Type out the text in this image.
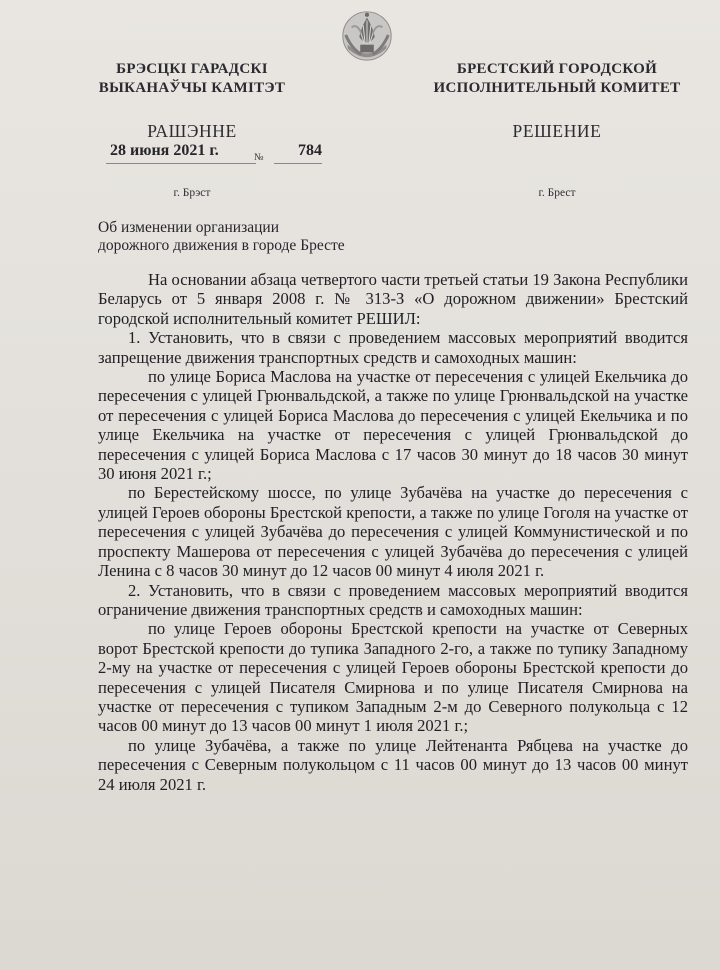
БРЭСЦКІ ГАРАДСКІ
ВЫКАНАЎЧЫ КАМІТЭТ
РАШЭННЕ
г. Брэст
БРЕСТСКИЙ ГОРОДСКОЙ
ИСПОЛНИТЕЛЬНЫЙ КОМИТЕТ
РЕШЕНИЕ
г. Брест
28 июня 2021 г.	№	784
Об изменении организации
дорожного движения в городе Бресте

На основании абзаца четвертого части третьей статьи 19 Закона Республики Беларусь от 5 января 2008 г. № 313-З «О дорожном движении» Брестский городской исполнительный комитет РЕШИЛ:

1. Установить, что в связи с проведением массовых мероприятий вводится запрещение движения транспортных средств и самоходных машин:

по улице Бориса Маслова на участке от пересечения с улицей Екельчика до пересечения с улицей Грюнвальдской, а также по улице Грюнвальдской на участке от пересечения с улицей Бориса Маслова до пересечения с улицей Екельчика и по улице Екельчика на участке от пересечения с улицей Грюнвальдской до пересечения с улицей Бориса Маслова с 17 часов 30 минут до 18 часов 30 минут 30 июня 2021 г.;

по Берестейскому шоссе, по улице Зубачёва на участке до пересечения с улицей Героев обороны Брестской крепости, а также по улице Гоголя на участке от пересечения с улицей Зубачёва до пересечения с улицей Коммунистической и по проспекту Машерова от пересечения с улицей Зубачёва до пересечения с улицей Ленина с 8 часов 30 минут до 12 часов 00 минут 4 июля 2021 г.

2. Установить, что в связи с проведением массовых мероприятий вводится ограничение движения транспортных средств и самоходных машин:

по улице Героев обороны Брестской крепости на участке от Северных ворот Брестской крепости до тупика Западного 2-го, а также по тупику Западному 2-му на участке от пересечения с улицей Героев обороны Брестской крепости до пересечения с улицей Писателя Смирнова и по улице Писателя Смирнова на участке от пересечения с тупиком Западным 2-м до Северного полукольца с 12 часов 00 минут до 13 часов 00 минут 1 июля 2021 г.;

по улице Зубачёва, а также по улице Лейтенанта Рябцева на участке до пересечения с Северным полукольцом с 11 часов 00 минут до 13 часов 00 минут 24 июля 2021 г.
